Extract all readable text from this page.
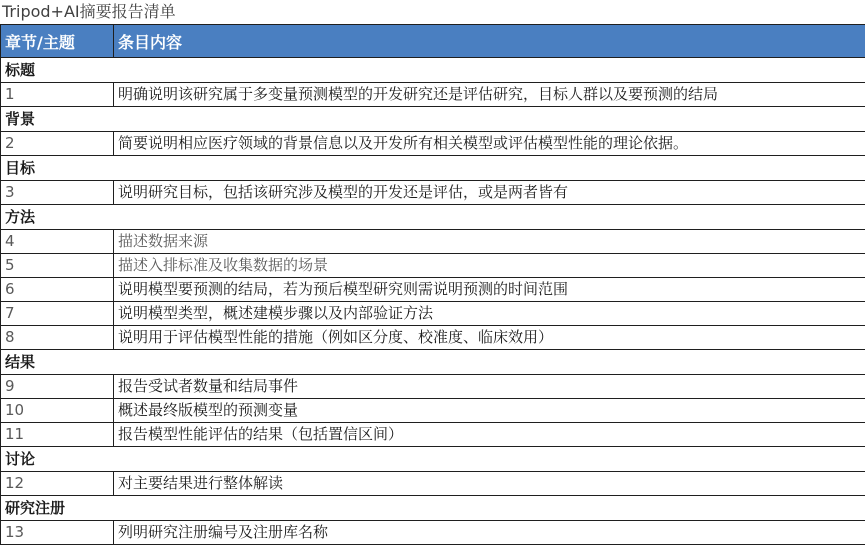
Tripod+AI摘要报告清单
章节/主题	条目内容
标题	
1	明确说明该研究属于多变量预测模型的开发研究还是评估研究，目标人群以及要预测的结局
背景	
2	简要说明相应医疗领域的背景信息以及开发所有相关模型或评估模型性能的理论依据。
目标	
3	说明研究目标，包括该研究涉及模型的开发还是评估，或是两者皆有
方法	
4	描述数据来源
5	描述入排标准及收集数据的场景
6	说明模型要预测的结局，若为预后模型研究则需说明预测的时间范围
7	说明模型类型，概述建模步骤以及内部验证方法
8	说明用于评估模型性能的措施（例如区分度、校准度、临床效用）
结果	
9	报告受试者数量和结局事件
10	概述最终版模型的预测变量
11	报告模型性能评估的结果（包括置信区间）
讨论	
12	对主要结果进行整体解读
研究注册	
13	列明研究注册编号及注册库名称
